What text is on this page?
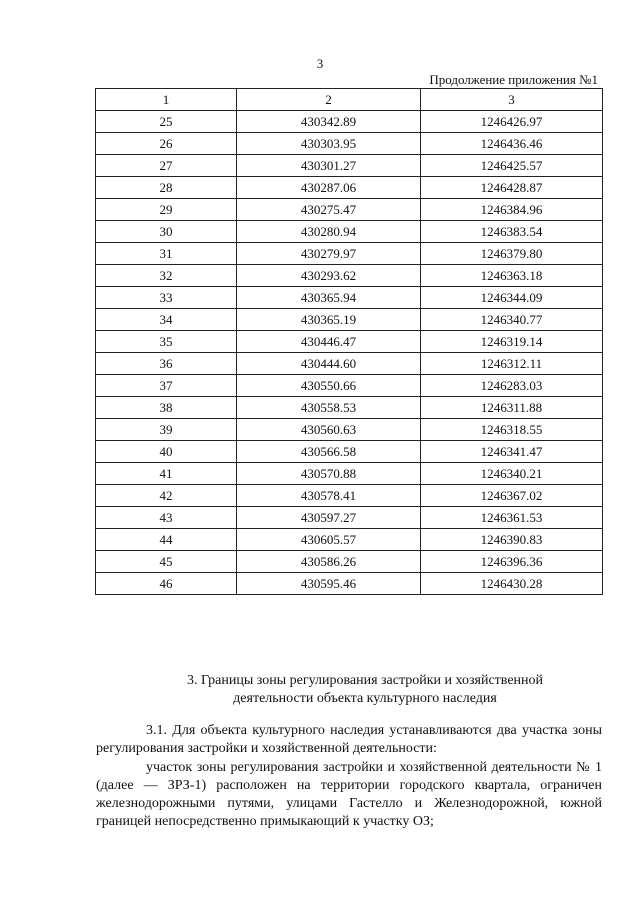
3
Продолжение приложения №1
1	2	3
25	430342.89	1246426.97
26	430303.95	1246436.46
27	430301.27	1246425.57
28	430287.06	1246428.87
29	430275.47	1246384.96
30	430280.94	1246383.54
31	430279.97	1246379.80
32	430293.62	1246363.18
33	430365.94	1246344.09
34	430365.19	1246340.77
35	430446.47	1246319.14
36	430444.60	1246312.11
37	430550.66	1246283.03
38	430558.53	1246311.88
39	430560.63	1246318.55
40	430566.58	1246341.47
41	430570.88	1246340.21
42	430578.41	1246367.02
43	430597.27	1246361.53
44	430605.57	1246390.83
45	430586.26	1246396.36
46	430595.46	1246430.28
3. Границы зоны регулирования застройки и хозяйственной
деятельности объекта культурного наследия
3.1. Для объекта культурного наследия устанавливаются два участка зоны регулирования застройки и хозяйственной деятельности:
участок зоны регулирования застройки и хозяйственной деятельности № 1 (далее — ЗРЗ-1) расположен на территории городского квартала, ограничен железнодорожными путями, улицами Гастелло и Железнодорожной, южной границей непосредственно примыкающий к участку ОЗ;
